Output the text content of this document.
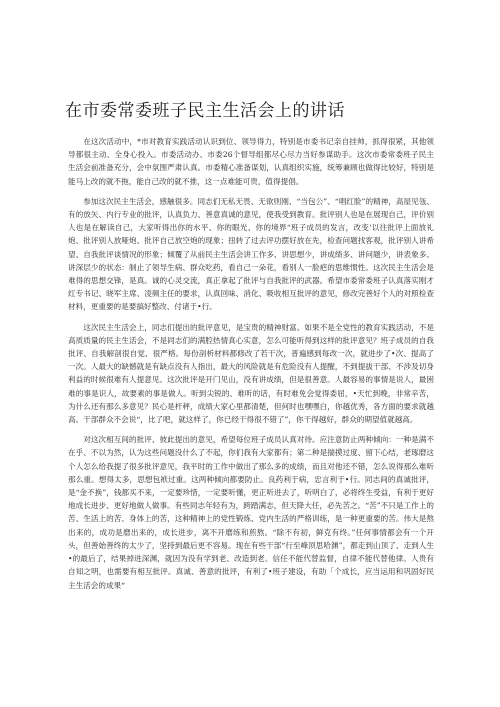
在市委常委班子民主生活会上的讲话

在这次活动中，*市对教育实践活动认识到位、领导得力，特别是市委书记亲自挂帅，抓得很紧，其他领导都很主动、全身心投入。市委活动办、市委26个督导组都尽心尽力当好参谋助手。这次市委常委班子民主生活会前准备充分，会中氛围严肃认真。市委精心准备谋划，认真组织实施，统筹兼顾也做得比较好，特别是能马上改的就不拖，能自己改的就不推，这一点难能可贵，值得提倡。

参加这次民主生活会，感触很多。同志们无私无畏、无欲则刚、“当包公”、“唱红脸”的精神，高屋见瓴、有的放矢、内行专业的批评，认真负力、善意真诚的意见，使我受到教育。批评别人也是在展现自己，评价别人也是在解读自己，大家听得出你的水平、你的眼光、你的境界“班子成员的发言，改变‘以往批评上面放礼炮、批评别人放哑炮、批评自己放空炮的现象；扭转了过去评功摆好放在先，检查问题找客观，批评别人讲希望、自我批评谈情况的形象；倾覆了从前民主生活会讲工作多、讲思想少，讲成绩多、讲问题少，讲表象多、讲深层少的状态：制止了领导生病、群众吃药，看自己一朵花，看别人一脸疤的思维惯性。这次民主生活会是难得的思想交锋，是真。诚的心灵交流，真正拿起了批评与自我批评的武器。希望市委常委班子认真落实刚才红专书记、晓军主席、凌频主任的要求，认真回味、消化、吸收相互批评的意见，修改完善好个人的对照检查材料，更重要的是要搞好整改、付诸于•行。

这次民主生活会上，同志们提出的批评意见，是宝贵的精神财富。如果不是全党性的教育实践活动，不是高质质量的民主生活会，不是同志们的满腔热情真心实意，怎么可能听得到这样的批评意见？班子成员的自我批评、自我解剖很自觉、很严格。每份剖析材料都修改了若干次，普遍感到每改一次，就进步了•次、提高了一次。人最大的缺憾就是有缺点没有人指出，最大的风险就是有危险没有人提醒，不到提拔干部、不涉及切身利益的时候很难有人提意见。这次批评是开门见山，没有讲成绩，但是很善意。人最容易的事情是说人，最困难的事是识人，故要素的事是做人。听到尖锐的、难听的话，有时难免会觉得委屈，•天忙到晚，非常辛苦，为什么还有那么多意见？民心是杆秤，成绩大家心里都清楚，但何时也嘿嘿白，你越优秀，各方面的要求就越高。干部群众不会说“，比了吧，就这样了，你已经干得很不错了”，你干得越好，群众的期望值就越高。

对这次相互间的批评、彼此提出的意见，希望每位班子成员认真对待。应注意防止两种倾向：一种是满不在乎、不以为然，认为这些问题没什么了不起，你们我有大家都有；第二种是揣摸过度、留下心结，老琢磨这个人怎么给我提了很多批评意见，我平时的工作中做出了那么多的成绩，而且对他还不错，怎么说得那么难听那么重。想得太多，思想包袱过重。这两种倾向都要防止。良药利于病，忠言利于•行。同志间的真诚批评，是“金不换”，钱都买不来，一定要珍惜，一定要听懂，更正听进去了，听明白了，必将终生受益，有利于更好地成长进步、更好地做人做事。有些同志年轻有为，跨踏满志，但天降大任，必先苦之。“苦”不只是工作上的苦、生活上的苦、身体上的苦，这种精神上的党性锻炼、党内生活的严格训练，是一种更重要的苦。伟大是熬出来的，成功是磨出来的，成长进步，离不开磨练和煎熬。“除不有初，鲜克有终。”任何事情都会有一个开头，但善始善终的太少了，坚持到最后更不容易。现在有些干部“行至峰顶思哈渊”，都走到山顶了、走到人生•的最后了，结果掉进深渊，就因为没有学到老、改造到老。信任不能代替监督，自律不能代替他律。人贵有自知之明，也需要有相互批评。真诚、善意的批评，有利了•班子建设，有助「个成长，应当运用和巩固好民主生活会的成果“
